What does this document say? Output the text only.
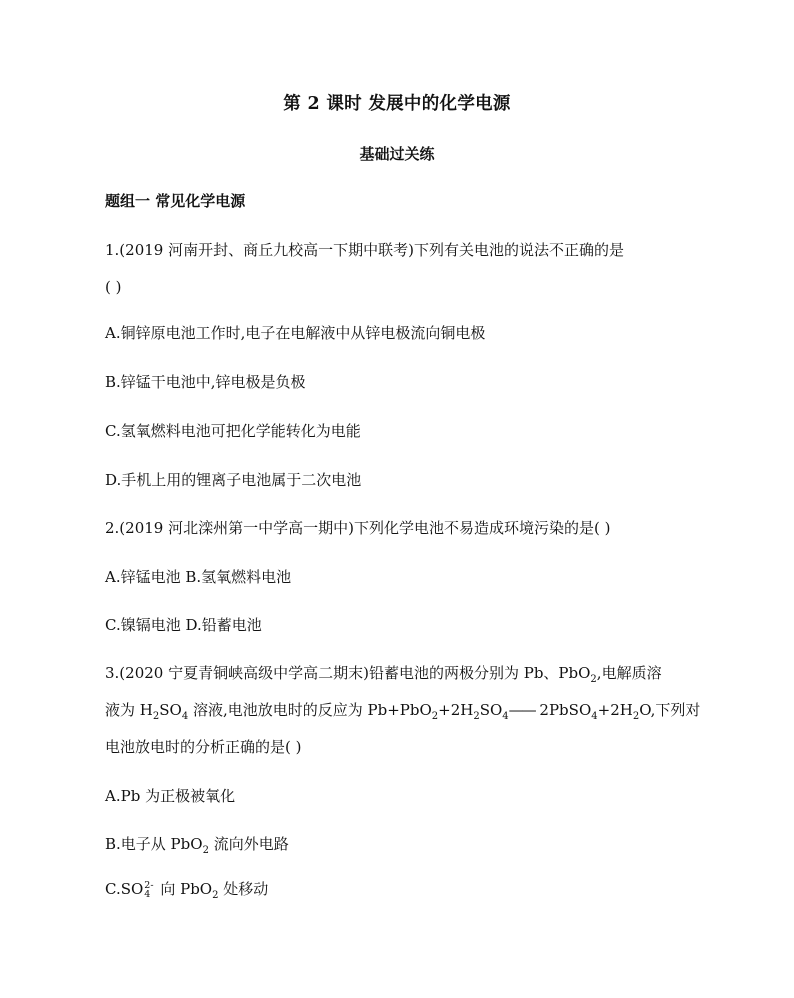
第 2 课时 发展中的化学电源
基础过关练
题组一 常见化学电源
1.(2019 河南开封、商丘九校高一下期中联考)下列有关电池的说法不正确的是
( )
A.铜锌原电池工作时,电子在电解液中从锌电极流向铜电极
B.锌锰干电池中,锌电极是负极
C.氢氧燃料电池可把化学能转化为电能
D.手机上用的锂离子电池属于二次电池
2.(2019 河北滦州第一中学高一期中)下列化学电池不易造成环境污染的是( )
A.锌锰电池 B.氢氧燃料电池
C.镍镉电池 D.铅蓄电池
3.(2020 宁夏青铜峡高级中学高二期末)铅蓄电池的两极分别为 Pb、PbO$_2$,电解质溶
液为 $H_2SO_4$ 溶液,电池放电时的反应为 $Pb+PbO_2+2H_2SO_4——$ $2PbSO_4+2H_2O$,下列对
电池放电时的分析正确的是( )
A.Pb 为正极被氧化
B.电子从 PbO$_2$ 流向外电路
C.SO 2-
4 向 PbO$_2$ 处移动
